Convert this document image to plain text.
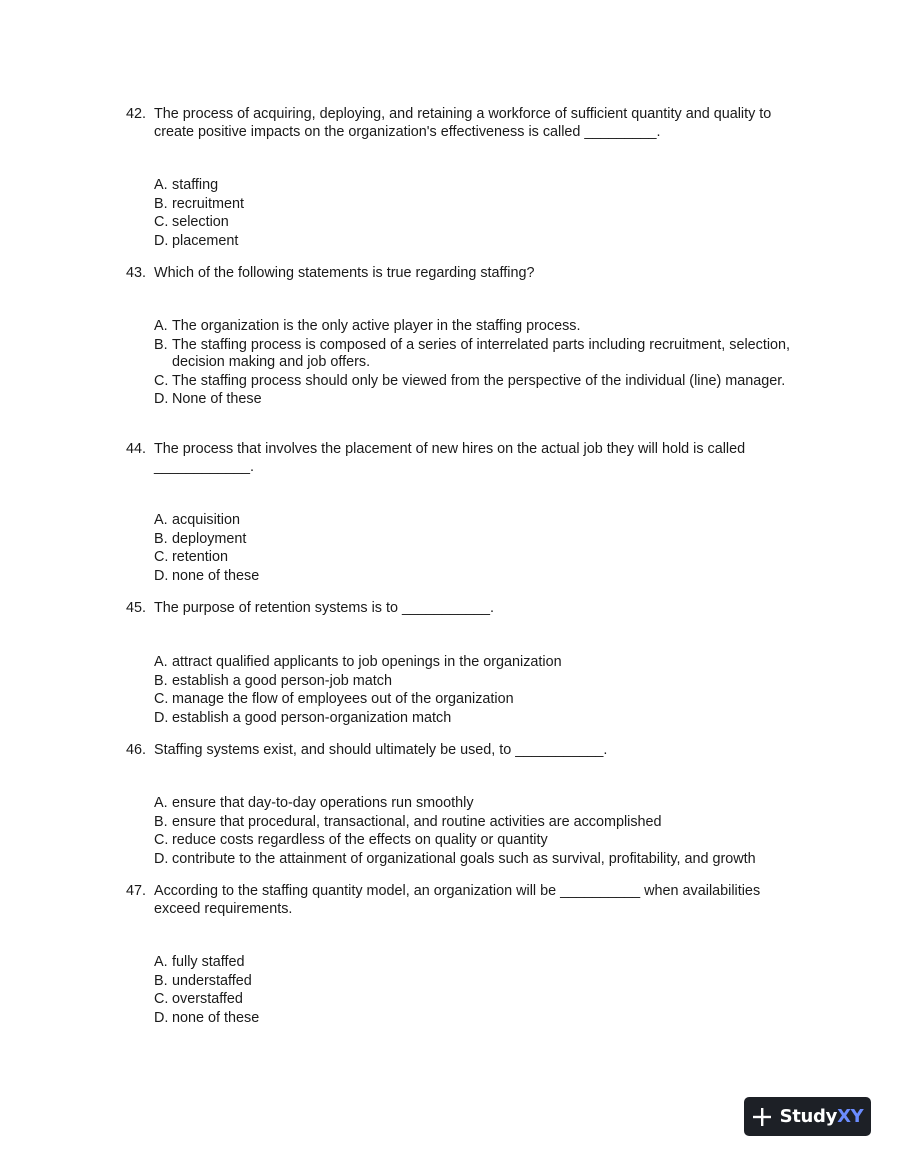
42. The process of acquiring, deploying, and retaining a workforce of sufficient quantity and quality to create positive impacts on the organization's effectiveness is called _________.
A. staffing
B. recruitment
C. selection
D. placement
43. Which of the following statements is true regarding staffing?
A. The organization is the only active player in the staffing process.
B. The staffing process is composed of a series of interrelated parts including recruitment, selection, decision making and job offers.
C. The staffing process should only be viewed from the perspective of the individual (line) manager.
D. None of these
44. The process that involves the placement of new hires on the actual job they will hold is called ____________.
A. acquisition
B. deployment
C. retention
D. none of these
45. The purpose of retention systems is to ___________.
A. attract qualified applicants to job openings in the organization
B. establish a good person-job match
C. manage the flow of employees out of the organization
D. establish a good person-organization match
46. Staffing systems exist, and should ultimately be used, to ___________.
A. ensure that day-to-day operations run smoothly
B. ensure that procedural, transactional, and routine activities are accomplished
C. reduce costs regardless of the effects on quality or quantity
D. contribute to the attainment of organizational goals such as survival, profitability, and growth
47. According to the staffing quantity model, an organization will be __________ when availabilities exceed requirements.
A. fully staffed
B. understaffed
C. overstaffed
D. none of these
Study XY
